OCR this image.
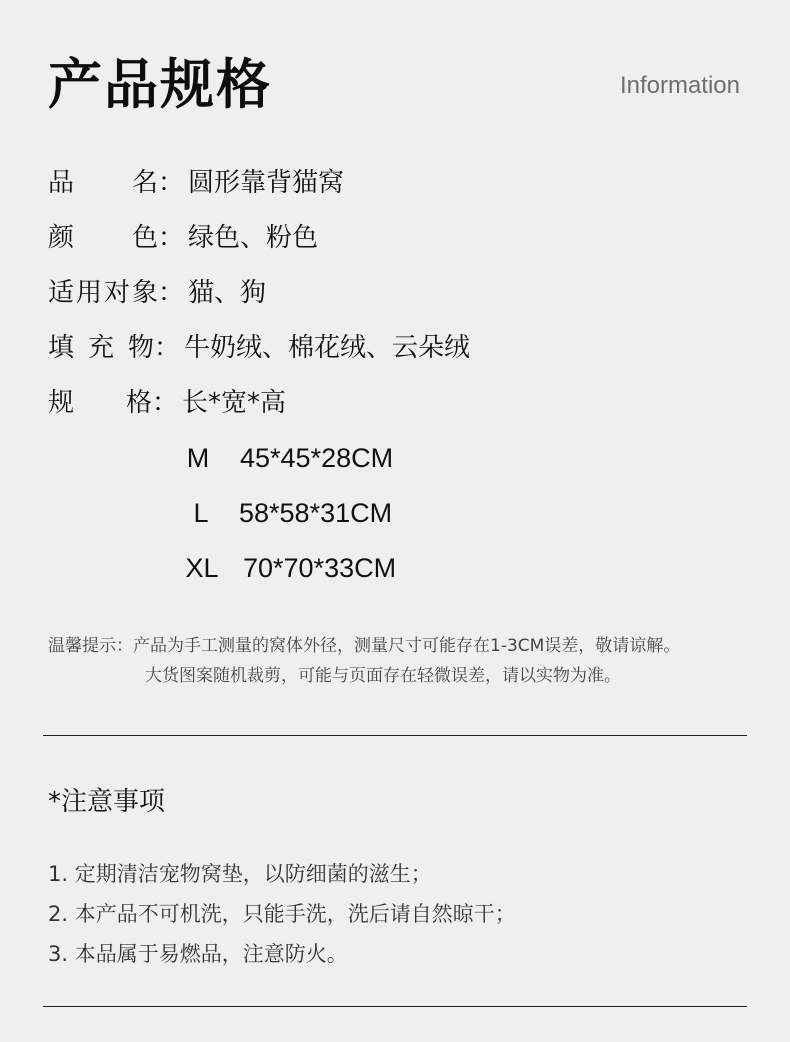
产品规格	Information
品 名 ： 圆形靠背猫窝
颜 色 ： 绿色、粉色
适 用 对 象 ： 猫、狗
填 充 物 ： 牛奶绒、棉花绒、云朵绒
规 格 ： 长*宽*高
M	45*45*28CM
L	58*58*31CM
XL 70*70*33CM
温馨提示：产品为手工测量的窝体外径，测量尺寸可能存在1-3CM误差，敬请谅解。
大货图案随机裁剪，可能与页面存在轻微误差，请以实物为准。
*注意事项
1. 定期清洁宠物窝垫，以防细菌的滋生；
2. 本产品不可机洗，只能手洗，洗后请自然晾干；
3. 本品属于易燃品，注意防火。
